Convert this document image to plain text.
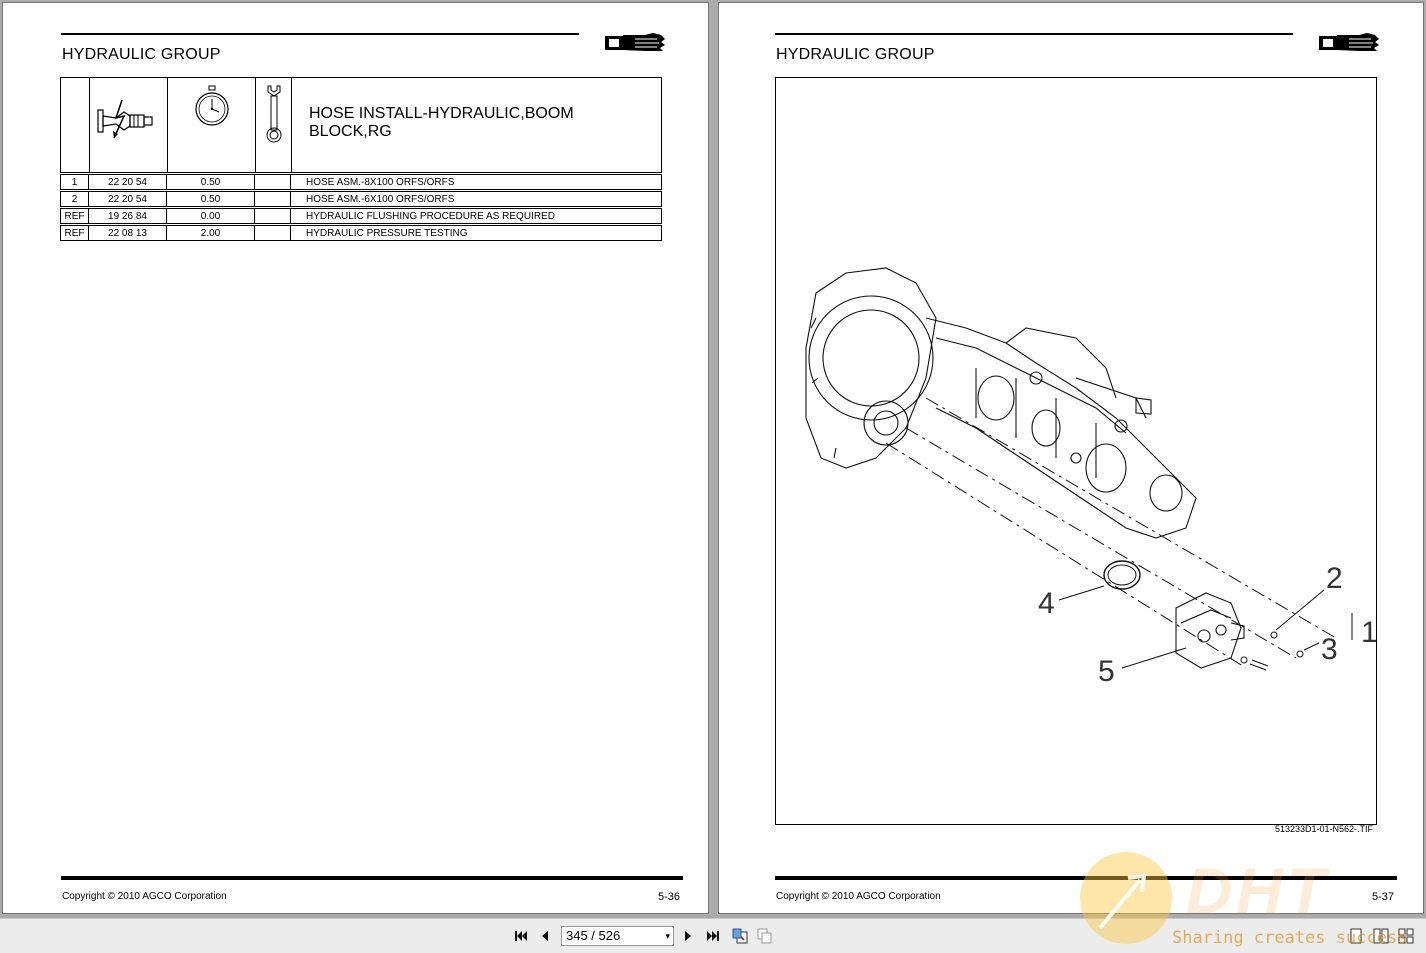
HYDRAULIC GROUP
HOSE INSTALL-HYDRAULIC,BOOM BLOCK,RG
1	22 20 54	0.50	HOSE ASM.-8X100 ORFS/ORFS
2	22 20 54	0.50	HOSE ASM.-6X100 ORFS/ORFS
REF	19 26 84	0.00	HYDRAULIC FLUSHING PROCEDURE AS REQUIRED
REF	22 08 13	2.00	HYDRAULIC PRESSURE TESTING
Copyright © 2010 AGCO Corporation	5-36
HYDRAULIC GROUP
4
5
2
3
1
513233D1-01-N562-.TIF
Copyright © 2010 AGCO Corporation	5-37
345 / 526	▾
DHT
Sharing creates success
